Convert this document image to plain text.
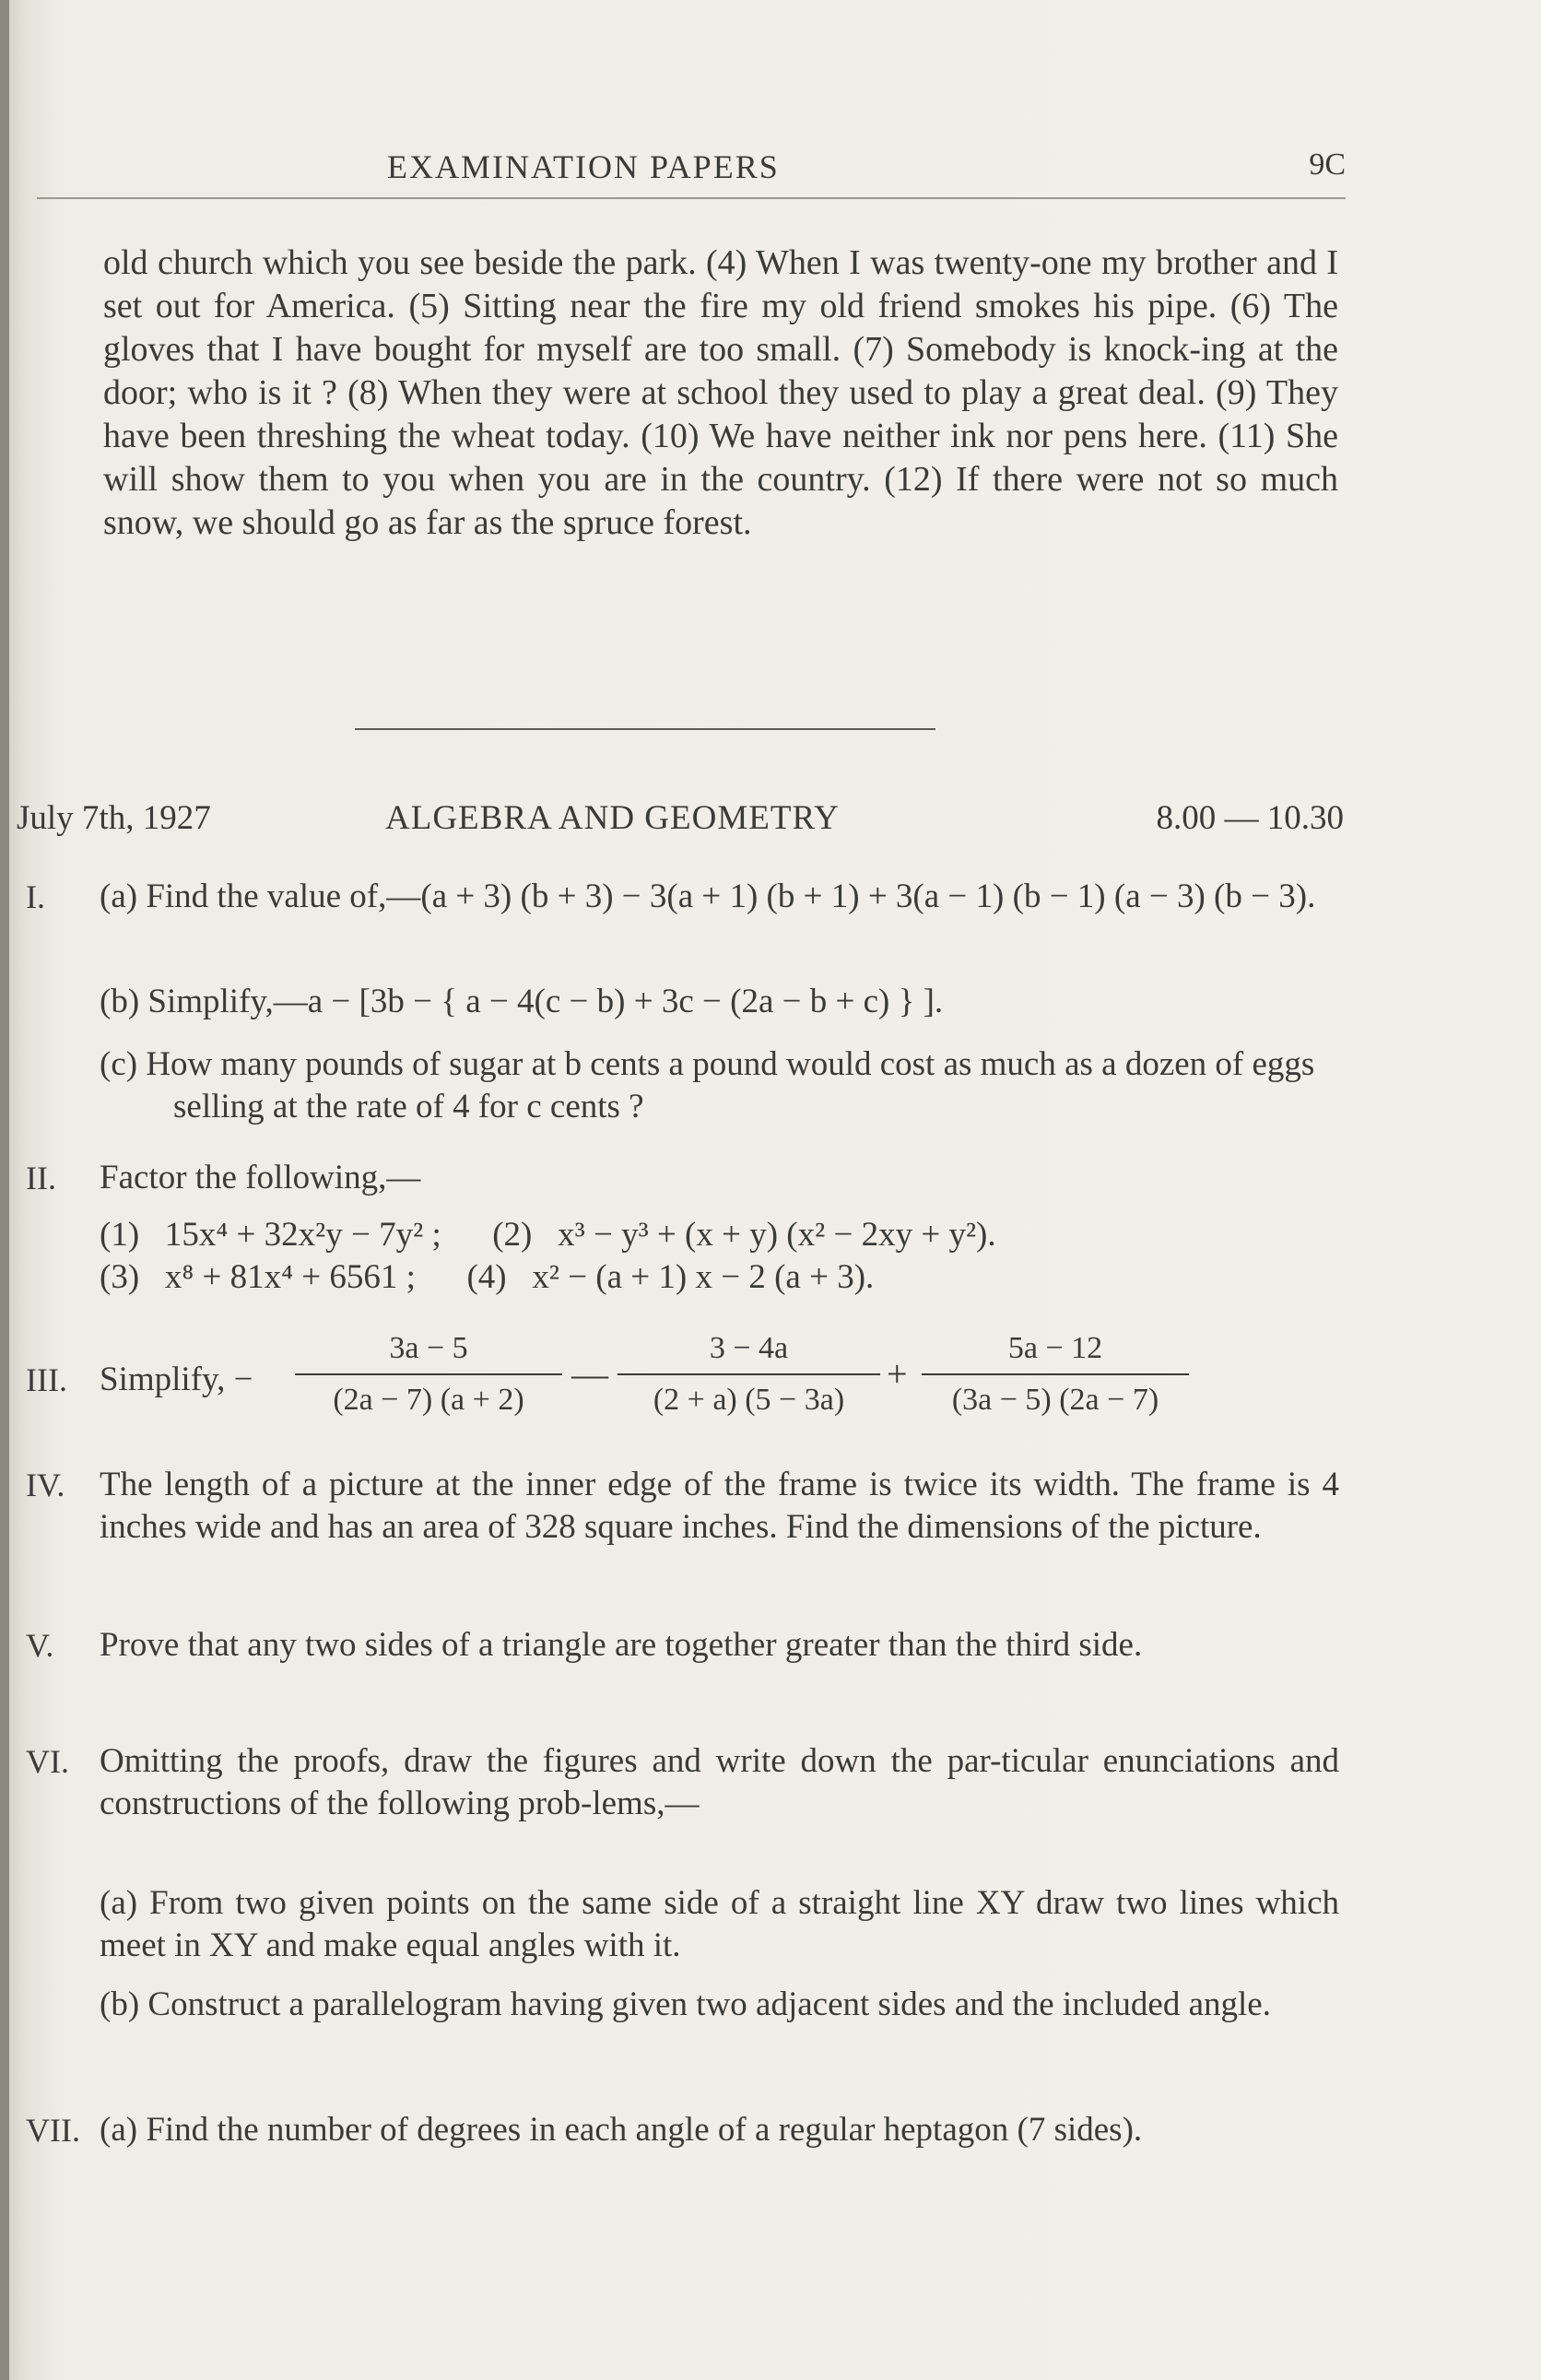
EXAMINATION PAPERS	9C
old church which you see beside the park. (4) When I was twenty-one my brother and I set out for America. (5) Sitting near the fire my old friend smokes his pipe. (6) The gloves that I have bought for myself are too small. (7) Somebody is knock-ing at the door; who is it ? (8) When they were at school they used to play a great deal. (9) They have been threshing the wheat today. (10) We have neither ink nor pens here. (11) She will show them to you when you are in the country. (12) If there were not so much snow, we should go as far as the spruce forest.
July 7th, 1927	ALGEBRA AND GEOMETRY	8.00 — 10.30
I. (a) Find the value of,—(a + 3) (b + 3) − 3(a + 1) (b + 1) + 3(a − 1) (b − 1) (a − 3) (b − 3).
(b) Simplify,—a − [3b − { a − 4(c − b) + 3c − (2a − b + c) } ].
(c) How many pounds of sugar at b cents a pound would cost as much as a dozen of eggs selling at the rate of 4 for c cents ?
II. Factor the following,—
(1)   15x⁴ + 32x²y − 7y² ;      (2)   x³ − y³ + (x + y) (x² − 2xy + y²).
(3)   x⁸ + 81x⁴ + 6561 ;      (4)   x² − (a + 1) x − 2 (a + 3).
III. Simplify, −	$\frac{3a - 5}{(2a - 7) (a + 2)}$ — $\frac{3 - 4a}{(2 + a) (5 - 3a)} + \frac{5a - 12}{(3a - 5) (2a - 7)}$
IV. The length of a picture at the inner edge of the frame is twice its width. The frame is 4 inches wide and has an area of 328 square inches. Find the dimensions of the picture.
V. Prove that any two sides of a triangle are together greater than the third side.
VI. Omitting the proofs, draw the figures and write down the par-ticular enunciations and constructions of the following prob-lems,—
(a) From two given points on the same side of a straight line XY draw two lines which meet in XY and make equal angles with it.
(b) Construct a parallelogram having given two adjacent sides and the included angle.
VII. (a) Find the number of degrees in each angle of a regular heptagon (7 sides).
